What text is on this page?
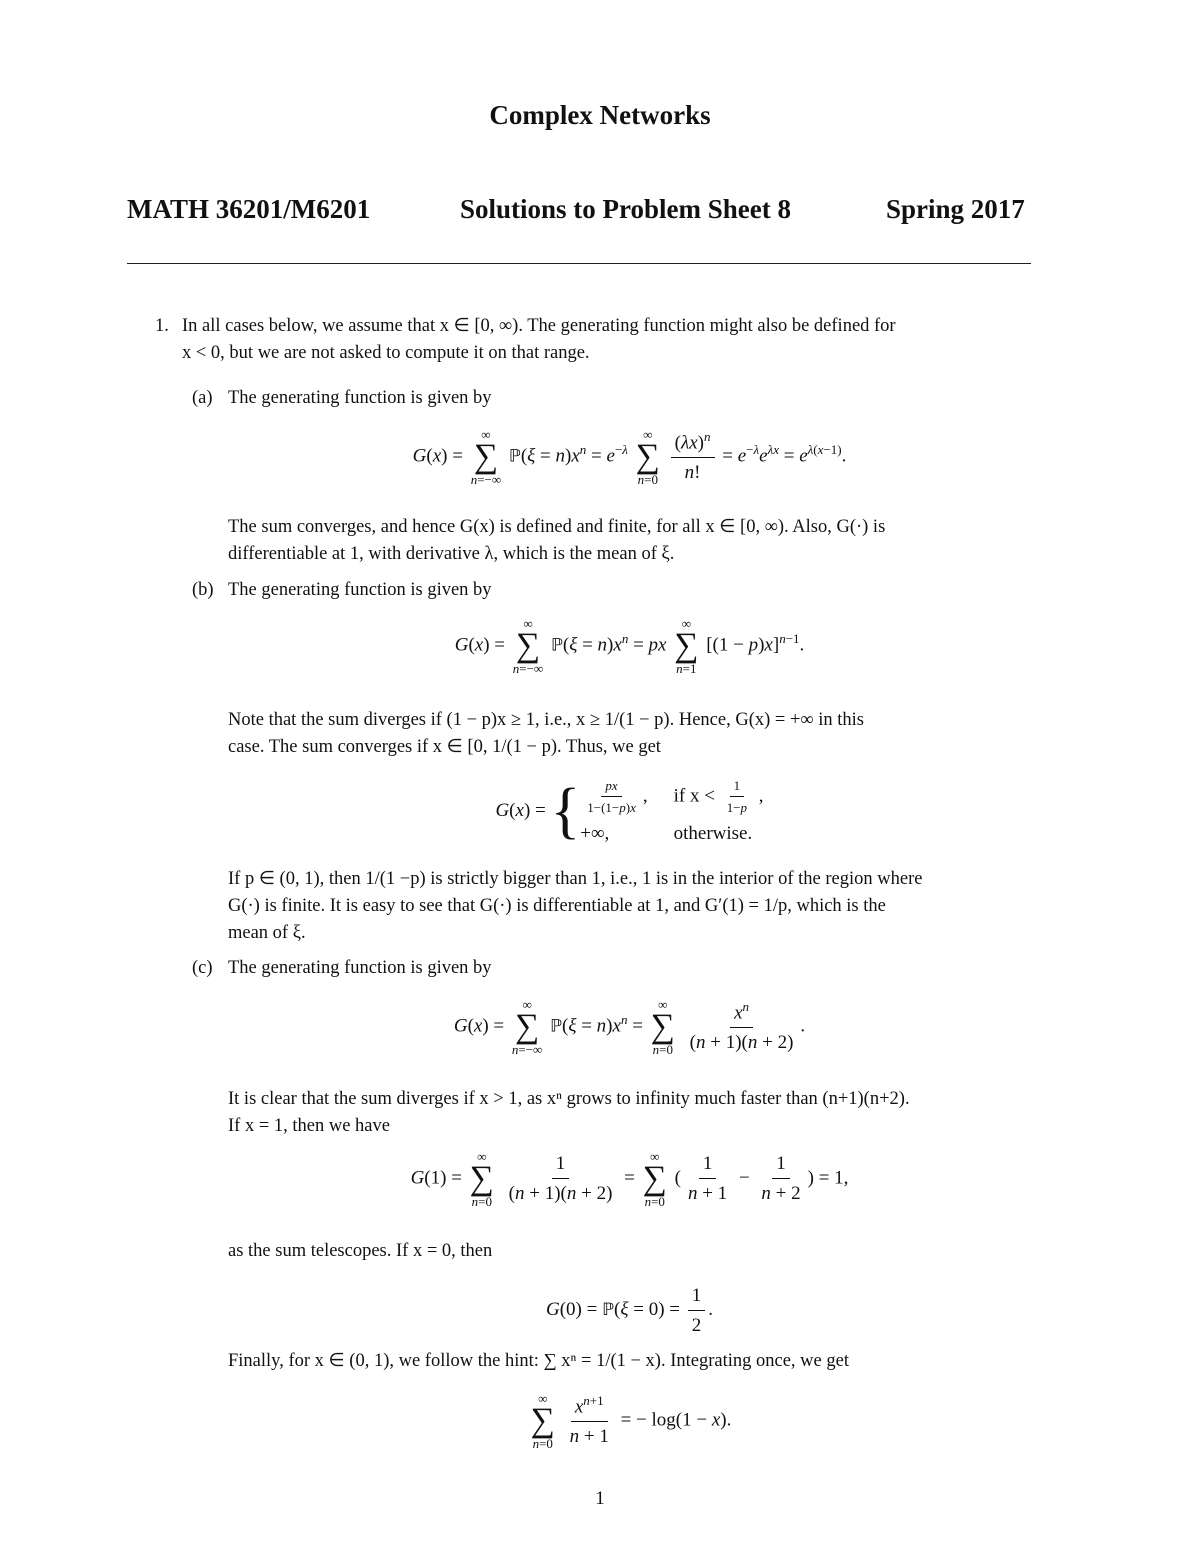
Complex Networks
MATH 36201/M6201	Solutions to Problem Sheet 8	Spring 2017
1. In all cases below, we assume that x ∈ [0, ∞). The generating function might also be defined for
x < 0, but we are not asked to compute it on that range.
(a) The generating function is given by
G(x) =
∞
∑
n=−∞
ℙ(ξ = $n)x^n = e^{-\lambda}$
∞
∑
n=0
$\frac{(\lambda x)^n}{n!} = e^{-\lambda}e^{\lambda x} = e^{\lambda(x-1)}$.
The sum converges, and hence G(x) is defined and finite, for all x ∈ [0, ∞). Also, G(·) is
differentiable at 1, with derivative λ, which is the mean of ξ.
(b) The generating function is given by
G(x) =
∞
∑
n=−∞
ℙ(ξ = $n)x^n$ = px
∞
∑
n=1
$[(1 - p)x]^{n-1}$.
Note that the sum diverges if (1 − p)x ≥ 1, i.e., x ≥ 1/(1 − p). Hence, G(x) = +∞ in this
case. The sum converges if x ∈ [0, 1/(1 − p). Thus, we get
G ( x ) = { $\frac{px}{1-(1-p)x}$ , if $x < \frac{1}{1-p}$ ,
+∞,	otherwise.
If p ∈ (0, 1), then 1/(1 −p) is strictly bigger than 1, i.e., 1 is in the interior of the region where
G(·) is finite. It is easy to see that G(·) is differentiable at 1, and G′(1) = 1/p, which is the
mean of ξ.
(c) The generating function is given by
G(x) =
∞
∑
n=−∞
ℙ(ξ = $n)x^n$ =
∞
∑
n=0
$\frac{x^n}{(n + 1)(n + 2)}$ .
It is clear that the sum diverges if x > 1, as xⁿ grows to infinity much faster than (n+1)(n+2).
If x = 1, then we have
G(1) =
∞
∑
n=0
$\frac{1}{(n + 1)(n + 2)}$ =
∞
∑
n=0
( $\frac{1}{n + 1} - \frac{1}{n + 2}$ ) = 1,
as the sum telescopes. If x = 0, then
G(0) = ℙ(ξ = $0) = \frac{1}{2}$ .
Finally, for x ∈ (0, 1), we follow the hint: ∑ xⁿ = 1/(1 − x). Integrating once, we get
∞
∑
n=0
$\frac{x^{n+1}}{n + 1}$ = − log(1 − x).
1
